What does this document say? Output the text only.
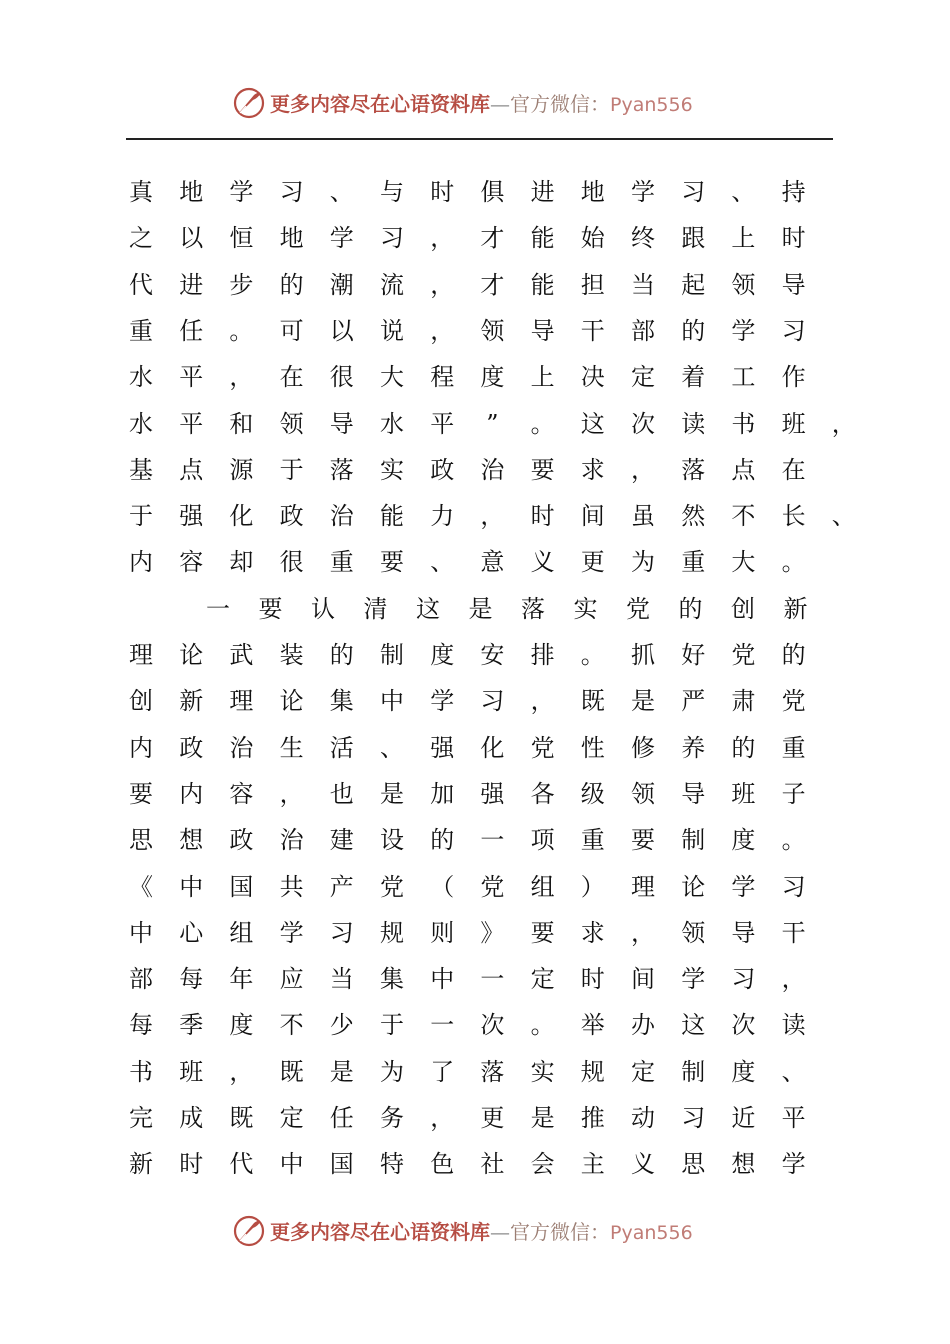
更多内容尽在心语资料库—官方微信：Pyan556
真 地 学 习 、 与 时 俱 进 地 学 习 、 持
之 以 恒 地 学 习 ， 才 能 始 终 跟 上 时
代 进 步 的 潮 流 ， 才 能 担 当 起 领 导
重 任 。 可 以 说 ， 领 导 干 部 的 学 习
水 平 ， 在 很 大 程 度 上 决 定 着 工 作
水 平 和 领 导 水 平	”	。 这 次 读 书 班 ，
基 点 源 于 落 实 政 治 要 求 ， 落 点 在
于 强 化 政 治 能 力 ， 时 间 虽 然 不 长 、
内 容 却 很 重 要 、 意 义 更 为 重 大 。
一 要 认 清 这 是 落 实 党 的 创 新
理 论 武 装 的 制 度 安 排 。 抓 好 党 的
创 新 理 论 集 中 学 习 ， 既 是 严 肃 党
内 政 治 生 活 、 强 化 党 性 修 养 的 重
要 内 容 ， 也 是 加 强 各 级 领 导 班 子
思 想 政 治 建 设 的 一 项 重 要 制 度 。
《 中 国 共 产 党 （ 党 组 ） 理 论 学 习
中 心 组 学 习 规 则 》 要 求 ， 领 导 干
部 每 年 应 当 集 中 一 定 时 间 学 习 ，
每 季 度 不 少 于 一 次 。 举 办 这 次 读
书 班 ， 既 是 为 了 落 实 规 定 制 度 、
完 成 既 定 任 务 ， 更 是 推 动 习 近 平
新 时 代 中 国 特 色 社 会 主 义 思 想 学
更多内容尽在心语资料库—官方微信：Pyan556
